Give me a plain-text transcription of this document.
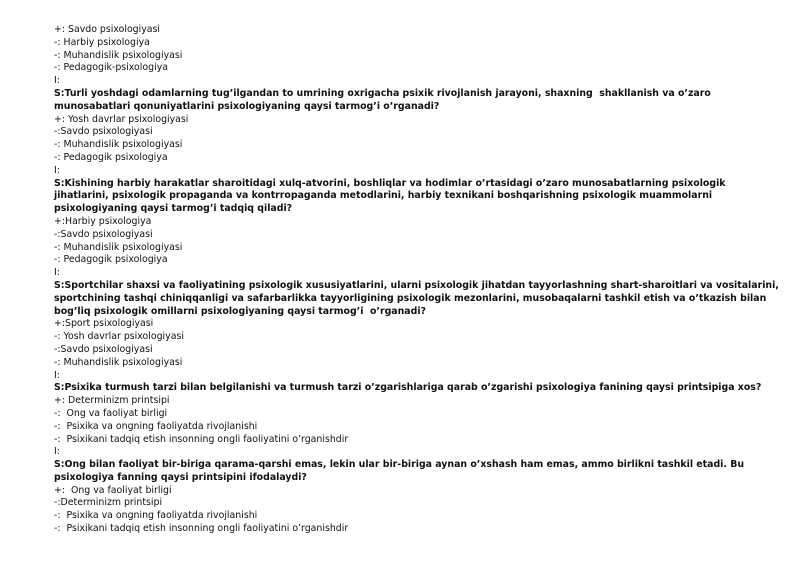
+: Savdo psixologiyasi

-: Harbiy psixologiya

-: Muhandislik psixologiyasi

-: Pedagogik-psixologiya

I:

S:Turli yoshdagi odamlarning tug’ilgandan to umrining oxrigacha psixik rivojlanish jarayoni, shaxning  shakllanish va o’zaro munosabatlari qonuniyatlarini psixologiyaning qaysi tarmog’i o’rganadi?

+: Yosh davrlar psixologiyasi

-:Savdo psixologiyasi

-: Muhandislik psixologiyasi

-: Pedagogik psixologiya

I:

S:Kishining harbiy harakatlar sharoitidagi xulq-atvorini, boshliqlar va hodimlar o’rtasidagi o’zaro munosabatlarning psixologik jihatlarini, psixologik propaganda va kontrropaganda metodlarini, harbiy texnikani boshqarishning psixologik muammolarni psixologiyaning qaysi tarmog’i tadqiq qiladi?

+:Harbiy psixologiya

-:Savdo psixologiyasi

-: Muhandislik psixologiyasi

-: Pedagogik psixologiya

I:

S:Sportchilar shaxsi va faoliyatining psixologik xususiyatlarini, ularni psixologik jihatdan tayyorlashning shart-sharoitlari va vositalarini, sportchining tashqi chiniqqanligi va safarbarlikka tayyorligining psixologik mezonlarini, musobaqalarni tashkil etish va o’tkazish bilan bog’liq psixologik omillarni psixologiyaning qaysi tarmog’i  o’rganadi?

+:Sport psixologiyasi

-: Yosh davrlar psixologiyasi

-:Savdo psixologiyasi

-: Muhandislik psixologiyasi

I:

S:Psixika turmush tarzi bilan belgilanishi va turmush tarzi o’zgarishlariga qarab o’zgarishi psixologiya fanining qaysi printsipiga xos?

+: Determinizm printsipi

-:  Ong va faoliyat birligi

-:  Psixika va ongning faoliyatda rivojlanishi

-:  Psixikani tadqiq etish insonning ongli faoliyatini o’rganishdir

I:

S:Ong bilan faoliyat bir-biriga qarama-qarshi emas, lekin ular bir-biriga aynan o’xshash ham emas, ammo birlikni tashkil etadi. Bu psixologiya fanning qaysi printsipini ifodalaydi?

+:  Ong va faoliyat birligi

-:Determinizm printsipi

-:  Psixika va ongning faoliyatda rivojlanishi

-:  Psixikani tadqiq etish insonning ongli faoliyatini o’rganishdir
